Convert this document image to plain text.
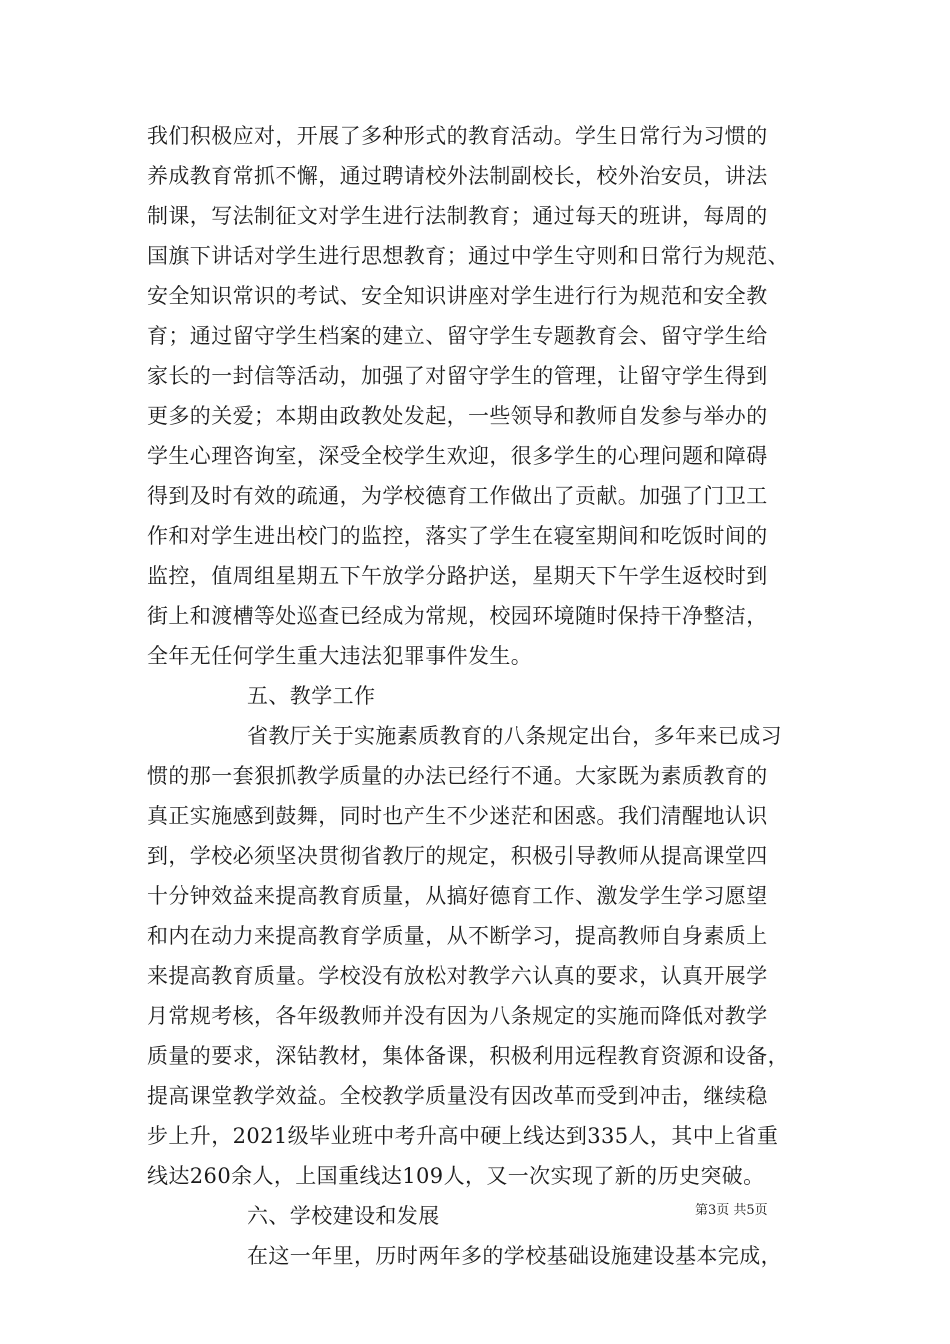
我们积极应对，开展了多种形式的教育活动。学生日常行为习惯的
养成教育常抓不懈，通过聘请校外法制副校长，校外治安员，讲法
制课，写法制征文对学生进行法制教育；通过每天的班讲，每周的
国旗下讲话对学生进行思想教育；通过中学生守则和日常行为规范、
安全知识常识的考试、安全知识讲座对学生进行行为规范和安全教
育；通过留守学生档案的建立、留守学生专题教育会、留守学生给
家长的一封信等活动，加强了对留守学生的管理，让留守学生得到
更多的关爱；本期由政教处发起，一些领导和教师自发参与举办的
学生心理咨询室，深受全校学生欢迎，很多学生的心理问题和障碍
得到及时有效的疏通，为学校德育工作做出了贡献。加强了门卫工
作和对学生进出校门的监控，落实了学生在寝室期间和吃饭时间的
监控，值周组星期五下午放学分路护送，星期天下午学生返校时到
街上和渡槽等处巡查已经成为常规，校园环境随时保持干净整洁，
全年无任何学生重大违法犯罪事件发生。
五、教学工作
省教厅关于实施素质教育的八条规定出台，多年来已成习
惯的那一套狠抓教学质量的办法已经行不通。大家既为素质教育的
真正实施感到鼓舞，同时也产生不少迷茫和困惑。我们清醒地认识
到，学校必须坚决贯彻省教厅的规定，积极引导教师从提高课堂四
十分钟效益来提高教育质量，从搞好德育工作、激发学生学习愿望
和内在动力来提高教育学质量，从不断学习，提高教师自身素质上
来提高教育质量。学校没有放松对教学六认真的要求，认真开展学
月常规考核，各年级教师并没有因为八条规定的实施而降低对教学
质量的要求，深钻教材，集体备课，积极利用远程教育资源和设备，
提高课堂教学效益。全校教学质量没有因改革而受到冲击，继续稳
步上升，2021级毕业班中考升高中硬上线达到335人，其中上省重
线达260余人，上国重线达109人，又一次实现了新的历史突破。
六、学校建设和发展
在这一年里，历时两年多的学校基础设施建设基本完成，
第3页 共5页
